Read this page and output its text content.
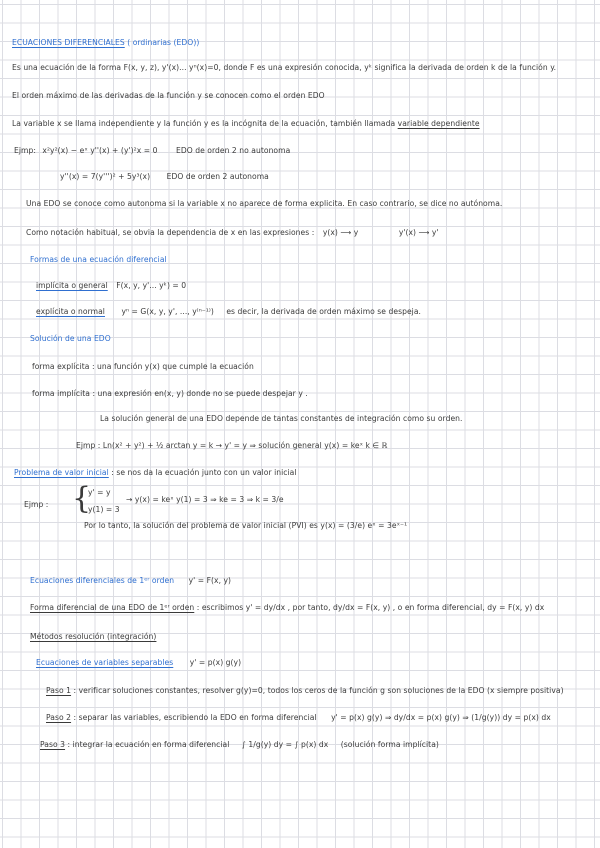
ECUACIONES DIFERENCIALES ( ordinarias (EDO))
Es una ecuación de la forma F(x, y, z), y'(x)... yⁿ(x)=0, donde F es una expresión conocida, yᵏ significa la derivada de orden k de la función y.
El orden máximo de las derivadas de la función y se conocen como el orden EDO
La variable x se llama independiente y la función y es la incógnita de la ecuación, también llamada variable dependiente
Ejmp: x²y²(x) − eˣ y''(x) + (y')²x = 0 EDO de orden 2 no autonoma
y''(x) = 7(y''')² + 5y³(x) EDO de orden 2 autonoma
Una EDO se conoce como autonoma si la variable x no aparece de forma explicita. En caso contrario, se dice no autónoma.
Como notación habitual, se obvia la dependencia de x en las expresiones : y(x) ⟶ y	y'(x) ⟶ y'
Formas de una ecuación diferencial
implícita o general F(x, y, y'... yᵏ) = 0
explícita o normal yⁿ = G(x, y, y', ..., y⁽ⁿ⁻¹⁾) es decir, la derivada de orden máximo se despeja.
Solución de una EDO
forma explícita : una función y(x) que cumple la ecuación
forma implícita : una expresión en(x, y) donde no se puede despejar y .
La solución general de una EDO depende de tantas constantes de integración como su orden.
Ejmp : Ln(x² + y²) + ½ arctan y = k → y' = y ⇒ solución general y(x) = keˣ k ∈ ℝ
Problema de valor inicial : se nos da la ecuación junto con un valor inicial
Ejmp : {
y' = y
y(1) = 3
→ y(x) = keˣ y(1) = 3 ⇒ ke = 3 ⇒ k = 3/e
Por lo tanto, la solución del problema de valor inicial (PVI) es y(x) = (3/e) eˣ = 3eˣ⁻¹
Ecuaciones diferenciales de 1ᵉʳ orden y' = F(x, y)
Forma diferencial de una EDO de 1ᵉʳ orden : escribimos y' = dy/dx , por tanto, dy/dx = F(x, y) , o en forma diferencial, dy = F(x, y) dx
Métodos resolución (integración)
Ecuaciones de variables separables y' = p(x) g(y)
Paso 1 : verificar soluciones constantes, resolver g(y)=0, todos los ceros de la función g son soluciones de la EDO (x siempre positiva)
Paso 2 : separar las variables, escribiendo la EDO en forma diferencial y' = p(x) g(y) ⇒ dy/dx = p(x) g(y) ⇒ (1/g(y)) dy = p(x) dx
Paso 3 : integrar la ecuación en forma diferencial ∫ 1/g(y) dy = ∫ p(x) dx (solución forma implícita)
